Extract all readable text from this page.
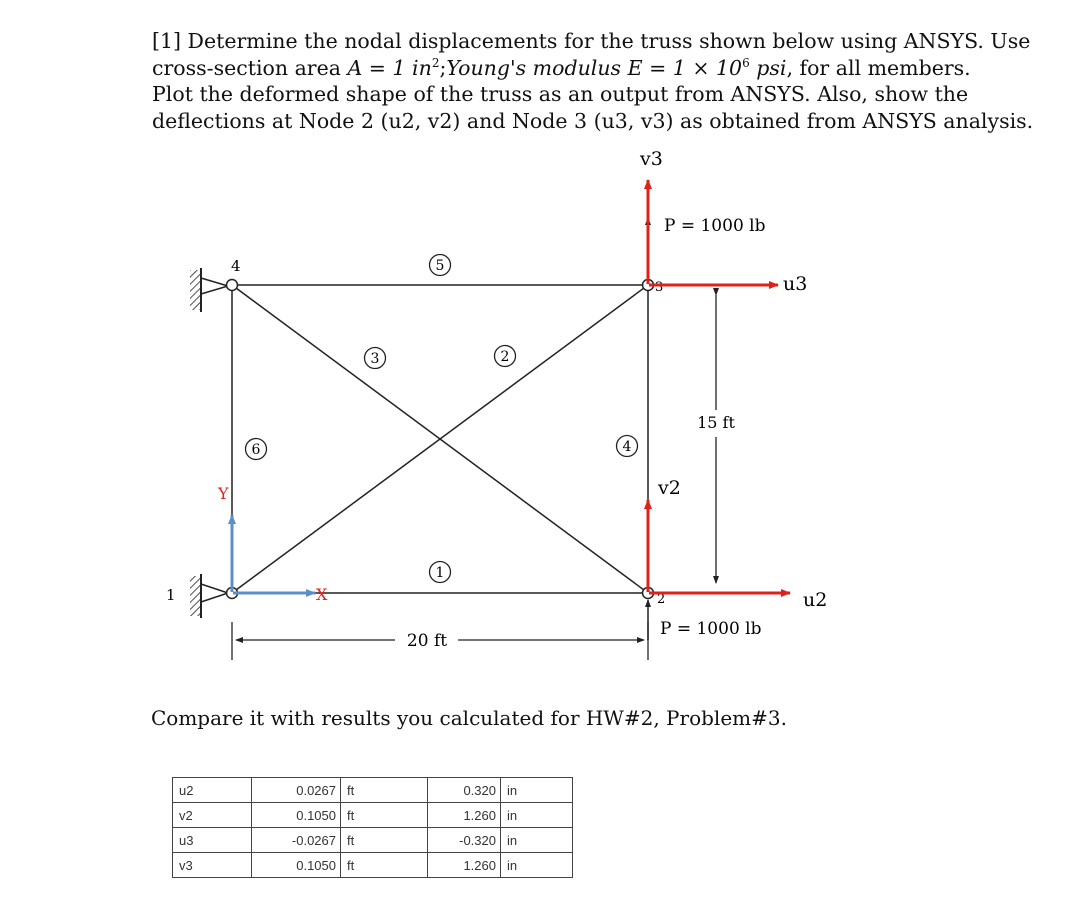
[1] Determine the nodal displacements for the truss shown below using ANSYS. Use

cross-section area A = 1 $in^2;Young's$ modulus $E = 1 \times 10^6$ psi, for all members.

Plot the deformed shape of the truss as an output from ANSYS. Also, show the

deflections at Node 2 (u2, v2) and Node 3 (u3, v3) as obtained from ANSYS analysis.

1
4
3
2
1
2
3
4
5
6
P = 1000 lb
P = 1000 lb
15 ft
20 ft
Y
X
v3
u3
v2
u2
Compare it with results you calculated for HW#2, Problem#3.
u2	0.0267	ft	0.320	in
v2	0.1050	ft	1.260	in
u3	-0.0267	ft	-0.320	in
v3	0.1050	ft	1.260	in
